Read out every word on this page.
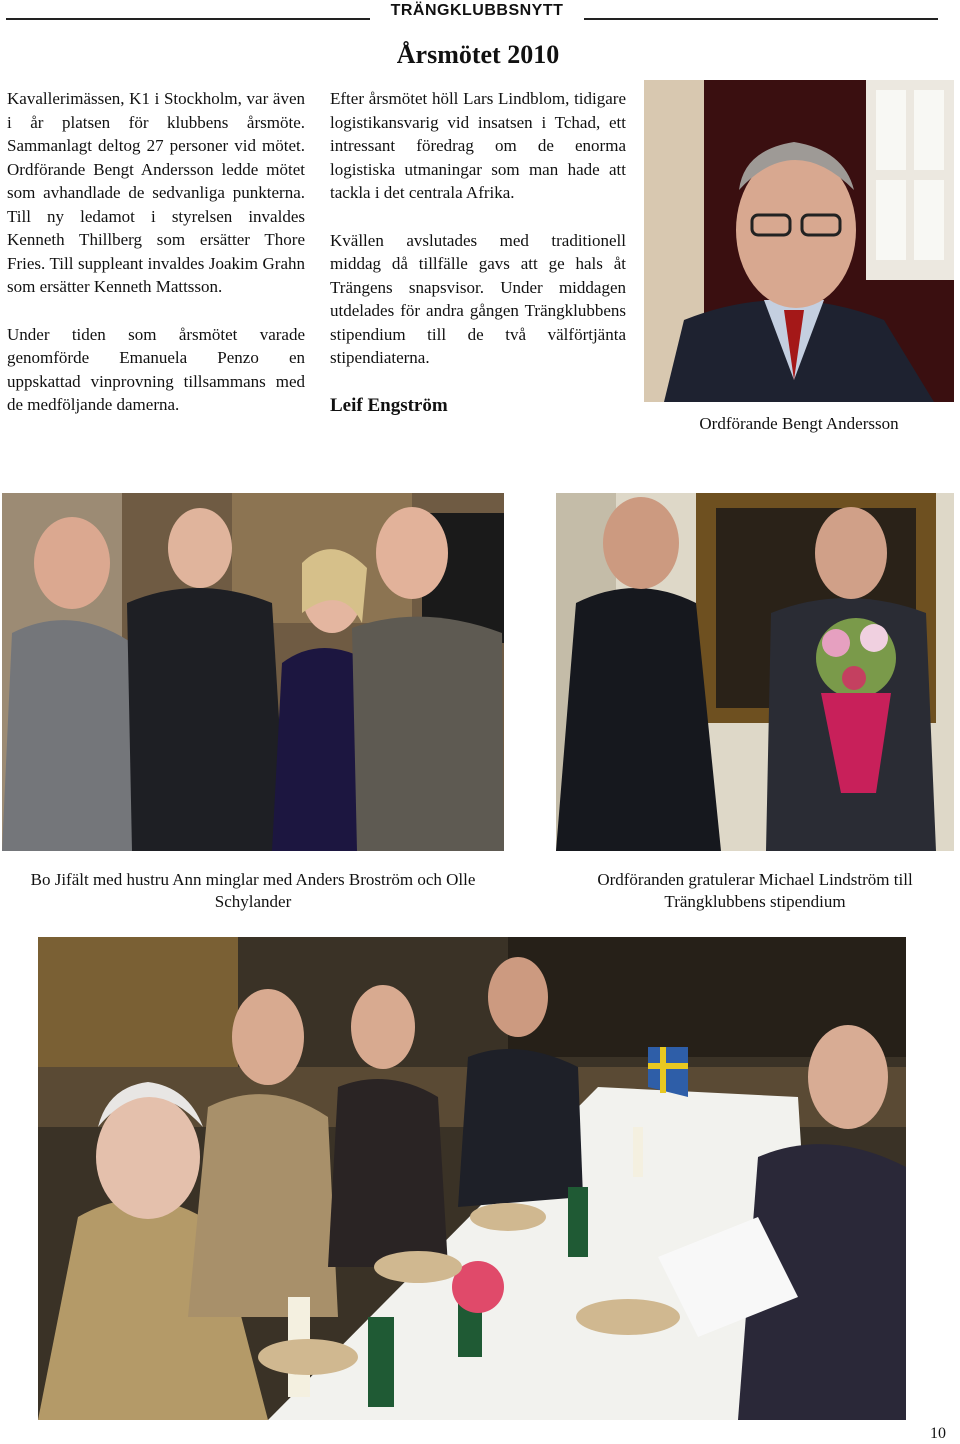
TRÄNGKLUBBSNYTT
Årsmötet 2010

Kavallerimässen, K1 i Stockholm, var även i år platsen för klubbens årsmöte. Sammanlagt deltog 27 personer vid mötet. Ordförande Bengt Andersson ledde mötet som avhandlade de sedvanliga punkterna. Till ny ledamot i styrelsen invaldes Kenneth Thillberg som ersätter Thore Fries. Till suppleant invaldes Joakim Grahn som ersätter Kenneth Mattsson.

Under tiden som årsmötet varade genomförde Emanuela Penzo en uppskattad vinprovning tillsammans med de medföljande damerna.

Efter årsmötet höll Lars Lindblom, tidigare logistikansvarig vid insatsen i Tchad, ett intressant föredrag om de enorma logistiska utmaningar som man hade att tackla i det centrala Afrika.

Kvällen avslutades med traditionell middag då tillfälle gavs att ge hals åt Trängens snapsvisor. Under middagen utdelades för andra gången Trängklubbens stipendium till de två välförtjänta stipendiaterna.

Leif Engström
Ordförande Bengt Andersson
Bo Jifält med hustru Ann minglar med Anders Broström och Olle Schylander
Ordföranden gratulerar Michael Lindström till Trängklubbens stipendium
10
